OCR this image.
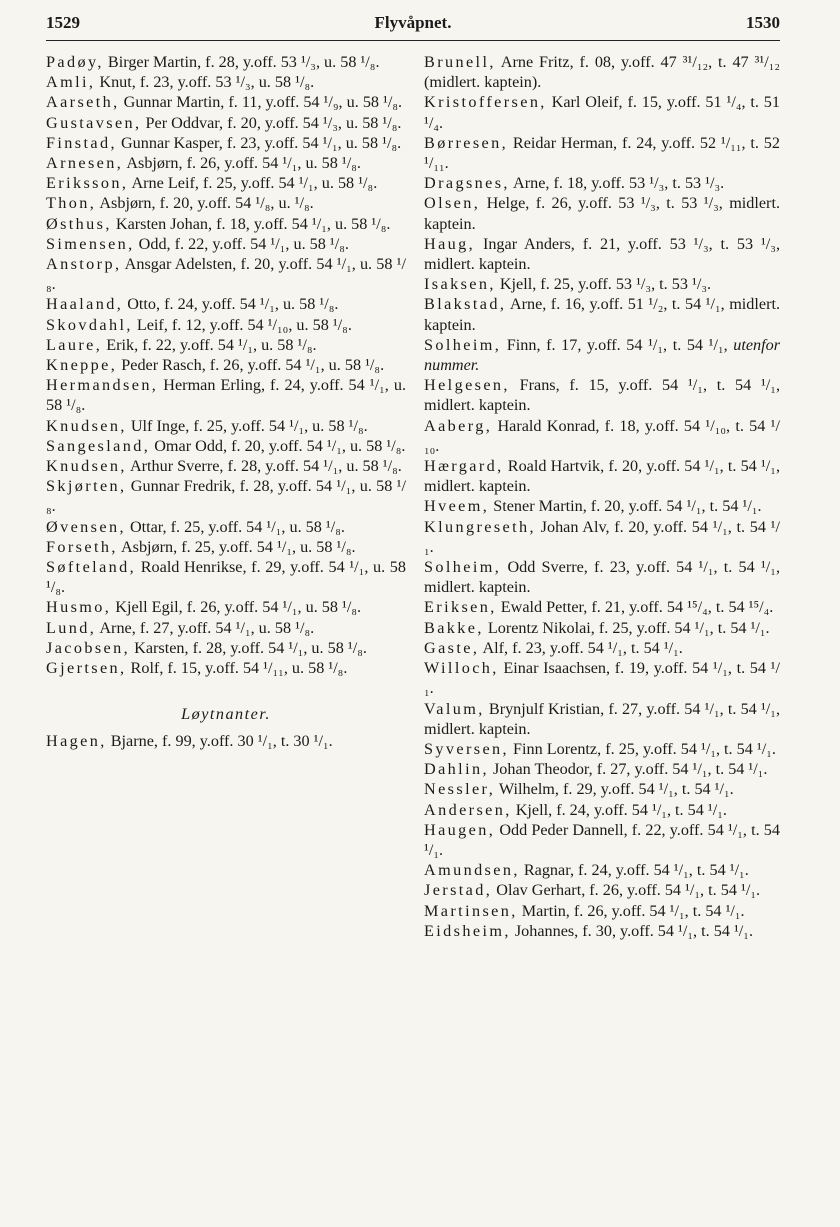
1529	Flyvåpnet.	1530
Padøy, Birger Martin, f. 28, y.off. 53 ¹/₃, u. 58 ¹/₈.
Amli, Knut, f. 23, y.off. 53 ¹/₃, u. 58 ¹/₈.
Aarseth, Gunnar Martin, f. 11, y.off. 54 ¹/₉, u. 58 ¹/₈.
Gustavsen, Per Oddvar, f. 20, y.off. 54 ¹/₃, u. 58 ¹/₈.
Finstad, Gunnar Kasper, f. 23, y.off. 54 ¹/₁, u. 58 ¹/₈.
Arnesen, Asbjørn, f. 26, y.off. 54 ¹/₁, u. 58 ¹/₈.
Eriksson, Arne Leif, f. 25, y.off. 54 ¹/₁, u. 58 ¹/₈.
Thon, Asbjørn, f. 20, y.off. 54 ¹/₈, u. ¹/₈.
Østhus, Karsten Johan, f. 18, y.off. 54 ¹/₁, u. 58 ¹/₈.
Simensen, Odd, f. 22, y.off. 54 ¹/₁, u. 58 ¹/₈.
Anstorp, Ansgar Adelsten, f. 20, y.off. 54 ¹/₁, u. 58 ¹/₈.
Haaland, Otto, f. 24, y.off. 54 ¹/₁, u. 58 ¹/₈.
Skovdahl, Leif, f. 12, y.off. 54 ¹/₁₀, u. 58 ¹/₈.
Laure, Erik, f. 22, y.off. 54 ¹/₁, u. 58 ¹/₈.
Kneppe, Peder Rasch, f. 26, y.off. 54 ¹/₁, u. 58 ¹/₈.
Hermandsen, Herman Erling, f. 24, y.off. 54 ¹/₁, u. 58 ¹/₈.
Knudsen, Ulf Inge, f. 25, y.off. 54 ¹/₁, u. 58 ¹/₈.
Sangesland, Omar Odd, f. 20, y.off. 54 ¹/₁, u. 58 ¹/₈.
Knudsen, Arthur Sverre, f. 28, y.off. 54 ¹/₁, u. 58 ¹/₈.
Skjørten, Gunnar Fredrik, f. 28, y.off. 54 ¹/₁, u. 58 ¹/₈.
Øvensen, Ottar, f. 25, y.off. 54 ¹/₁, u. 58 ¹/₈.
Forseth, Asbjørn, f. 25, y.off. 54 ¹/₁, u. 58 ¹/₈.
Søfteland, Roald Henrikse, f. 29, y.off. 54 ¹/₁, u. 58 ¹/₈.
Husmo, Kjell Egil, f. 26, y.off. 54 ¹/₁, u. 58 ¹/₈.
Lund, Arne, f. 27, y.off. 54 ¹/₁, u. 58 ¹/₈.
Jacobsen, Karsten, f. 28, y.off. 54 ¹/₁, u. 58 ¹/₈.
Gjertsen, Rolf, f. 15, y.off. 54 ¹/₁₁, u. 58 ¹/₈.
Løytnanter.
Hagen, Bjarne, f. 99, y.off. 30 ¹/₁, t. 30 ¹/₁.
Brunell, Arne Fritz, f. 08, y.off. 47 ³¹/₁₂, t. 47 ³¹/₁₂ (midlert. kaptein).
Kristoffersen, Karl Oleif, f. 15, y.off. 51 ¹/₄, t. 51 ¹/₄.
Børresen, Reidar Herman, f. 24, y.off. 52 ¹/₁₁, t. 52 ¹/₁₁.
Dragsnes, Arne, f. 18, y.off. 53 ¹/₃, t. 53 ¹/₃.
Olsen, Helge, f. 26, y.off. 53 ¹/₃, t. 53 ¹/₃, midlert. kaptein.
Haug, Ingar Anders, f. 21, y.off. 53 ¹/₃, t. 53 ¹/₃, midlert. kaptein.
Isaksen, Kjell, f. 25, y.off. 53 ¹/₃, t. 53 ¹/₃.
Blakstad, Arne, f. 16, y.off. 51 ¹/₂, t. 54 ¹/₁, midlert. kaptein.
Solheim, Finn, f. 17, y.off. 54 ¹/₁, t. 54 ¹/₁, utenfor nummer.
Helgesen, Frans, f. 15, y.off. 54 ¹/₁, t. 54 ¹/₁, midlert. kaptein.
Aaberg, Harald Konrad, f. 18, y.off. 54 ¹/₁₀, t. 54 ¹/₁₀.
Hærgard, Roald Hartvik, f. 20, y.off. 54 ¹/₁, t. 54 ¹/₁, midlert. kaptein.
Hveem, Stener Martin, f. 20, y.off. 54 ¹/₁, t. 54 ¹/₁.
Klungreseth, Johan Alv, f. 20, y.off. 54 ¹/₁, t. 54 ¹/₁.
Solheim, Odd Sverre, f. 23, y.off. 54 ¹/₁, t. 54 ¹/₁, midlert. kaptein.
Eriksen, Ewald Petter, f. 21, y.off. 54 ¹⁵/₄, t. 54 ¹⁵/₄.
Bakke, Lorentz Nikolai, f. 25, y.off. 54 ¹/₁, t. 54 ¹/₁.
Gaste, Alf, f. 23, y.off. 54 ¹/₁, t. 54 ¹/₁.
Willoch, Einar Isaachsen, f. 19, y.off. 54 ¹/₁, t. 54 ¹/₁.
Valum, Brynjulf Kristian, f. 27, y.off. 54 ¹/₁, t. 54 ¹/₁, midlert. kaptein.
Syversen, Finn Lorentz, f. 25, y.off. 54 ¹/₁, t. 54 ¹/₁.
Dahlin, Johan Theodor, f. 27, y.off. 54 ¹/₁, t. 54 ¹/₁.
Nessler, Wilhelm, f. 29, y.off. 54 ¹/₁, t. 54 ¹/₁.
Andersen, Kjell, f. 24, y.off. 54 ¹/₁, t. 54 ¹/₁.
Haugen, Odd Peder Dannell, f. 22, y.off. 54 ¹/₁, t. 54 ¹/₁.
Amundsen, Ragnar, f. 24, y.off. 54 ¹/₁, t. 54 ¹/₁.
Jerstad, Olav Gerhart, f. 26, y.off. 54 ¹/₁, t. 54 ¹/₁.
Martinsen, Martin, f. 26, y.off. 54 ¹/₁, t. 54 ¹/₁.
Eidsheim, Johannes, f. 30, y.off. 54 ¹/₁, t. 54 ¹/₁.
